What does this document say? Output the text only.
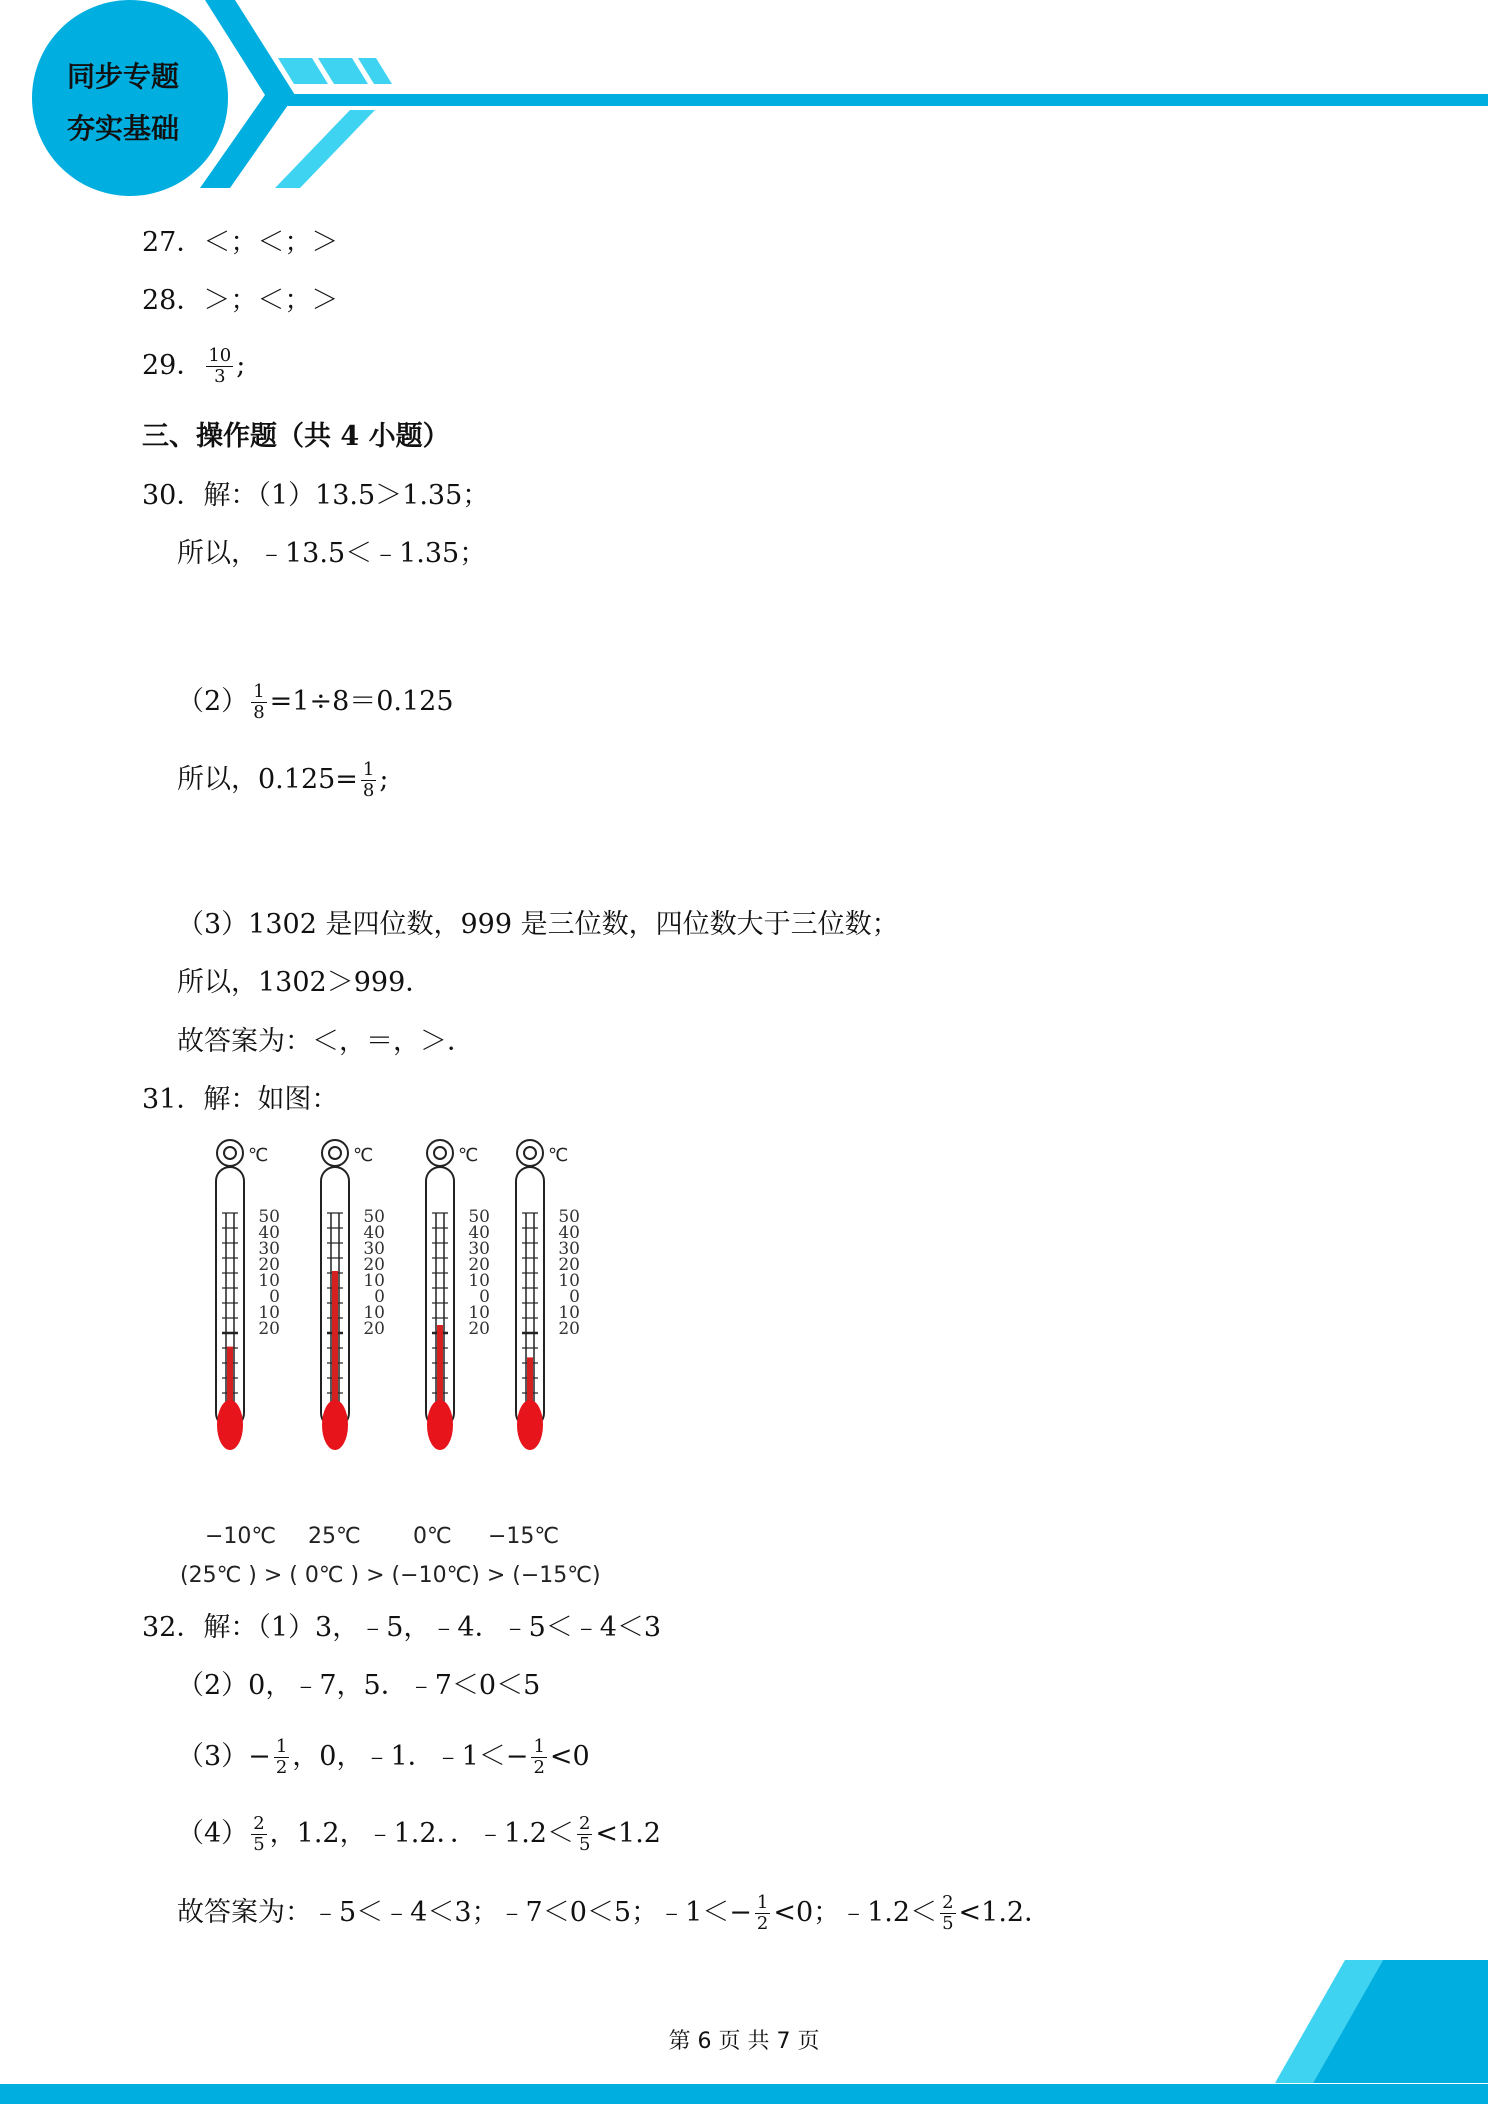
同步专题
夯实基础
27．＜；＜；＞
28．＞；＜；＞
29． $\frac{10}{3}$ ;
三、操作题（共 4 小题）
30．解：（1）13.5＞1.35；
所以，﹣13.5＜﹣1.35；
$(2) \frac{1}{8} =1\div 8=0.125$
所以，$0.125= \frac{1}{8}$ ;
（3）1302 是四位数，999 是三位数，四位数大于三位数；
所以，1302＞999．
故答案为：＜，＝，＞．
31．解：如图：
℃
50
40
30
20
10
0
10
20
℃
50
40
30
20
10
0
10
20
℃
50
40
30
20
10
0
10
20
℃
50
40
30
20
10
0
10
20
−10℃ 25℃ 0℃ −15℃
(25℃ ) > ( 0℃ ) > (−10℃) > (−15℃)
32．解：（1）3，﹣5，﹣4．﹣5＜﹣4＜3
（2）0，﹣7，5．﹣7＜0＜5
$(3)- \frac{1}{2}$ ，0，﹣1．﹣1＜− $\frac{1}{2} <0$
$(4) \frac{2}{5}$ ，1.2，﹣1.2．．﹣1.2＜ $\frac{2}{5} <1.2$
故答案为：﹣5＜﹣4＜3；﹣7＜0＜5；﹣1＜− $\frac{1}{2} <0$；﹣1.2＜ $\frac{2}{5} <1.2$．
第 6 页 共 7 页
